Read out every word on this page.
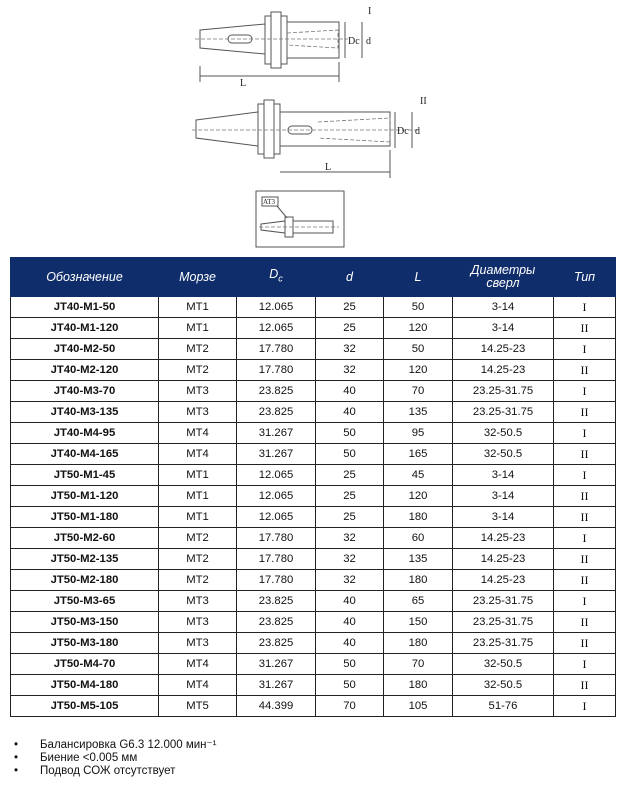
Dc d
L
I
Dc d
L
II
AT3
Обозначение	Морзе	$D_c$	d	L	Диаметры сверл	Тип
JT40-M1-50	MT1	12.065	25	50	3-14	I
JT40-M1-120	MT1	12.065	25	120	3-14	II
JT40-M2-50	MT2	17.780	32	50	14.25-23	I
JT40-M2-120	MT2	17.780	32	120	14.25-23	II
JT40-M3-70	MT3	23.825	40	70	23.25-31.75	I
JT40-M3-135	MT3	23.825	40	135	23.25-31.75	II
JT40-M4-95	MT4	31.267	50	95	32-50.5	I
JT40-M4-165	MT4	31.267	50	165	32-50.5	II
JT50-M1-45	MT1	12.065	25	45	3-14	I
JT50-M1-120	MT1	12.065	25	120	3-14	II
JT50-M1-180	MT1	12.065	25	180	3-14	II
JT50-M2-60	MT2	17.780	32	60	14.25-23	I
JT50-M2-135	MT2	17.780	32	135	14.25-23	II
JT50-M2-180	MT2	17.780	32	180	14.25-23	II
JT50-M3-65	MT3	23.825	40	65	23.25-31.75	I
JT50-M3-150	MT3	23.825	40	150	23.25-31.75	II
JT50-M3-180	MT3	23.825	40	180	23.25-31.75	II
JT50-M4-70	MT4	31.267	50	70	32-50.5	I
JT50-M4-180	MT4	31.267	50	180	32-50.5	II
JT50-M5-105	MT5	44.399	70	105	51-76	I
• Балансировка G6.3 12.000 мин⁻¹
• Биение <0.005 мм
• Подвод СОЖ отсутствует
